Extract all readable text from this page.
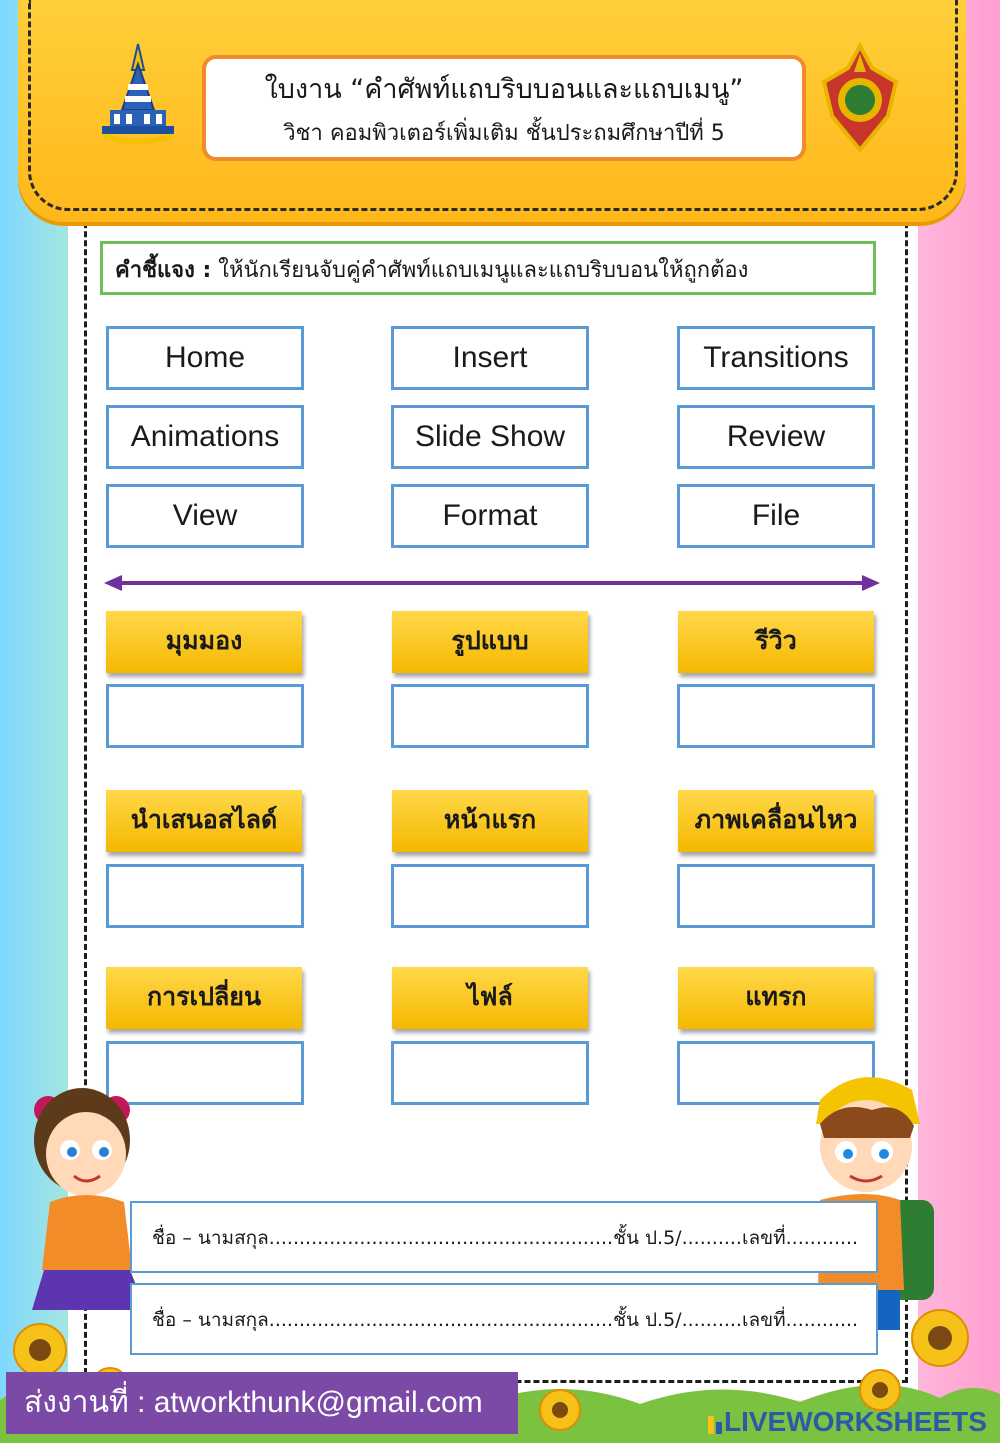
ใบงาน “คำศัพท์แถบริบบอนและแถบเมนู”
วิชา คอมพิวเตอร์เพิ่มเติม ชั้นประถมศึกษาปีที่ 5
คำชี้แจง : ให้นักเรียนจับคู่คำศัพท์แถบเมนูและแถบริบบอนให้ถูกต้อง
Home	Insert	Transitions
Animations	Slide Show	Review
View	Format	File
มุมมอง	รูปแบบ	รีวิว
นำเสนอสไลด์	หน้าแรก	ภาพเคลื่อนไหว
การเปลี่ยน	ไฟล์	แทรก
ชื่อ – นามสกุล.........................................................ชั้น ป.5/..........เลขที่............
ชื่อ – นามสกุล.........................................................ชั้น ป.5/..........เลขที่............
ส่งงานที่ : atworkthunk@gmail.com
LIVEWORKSHEETS
